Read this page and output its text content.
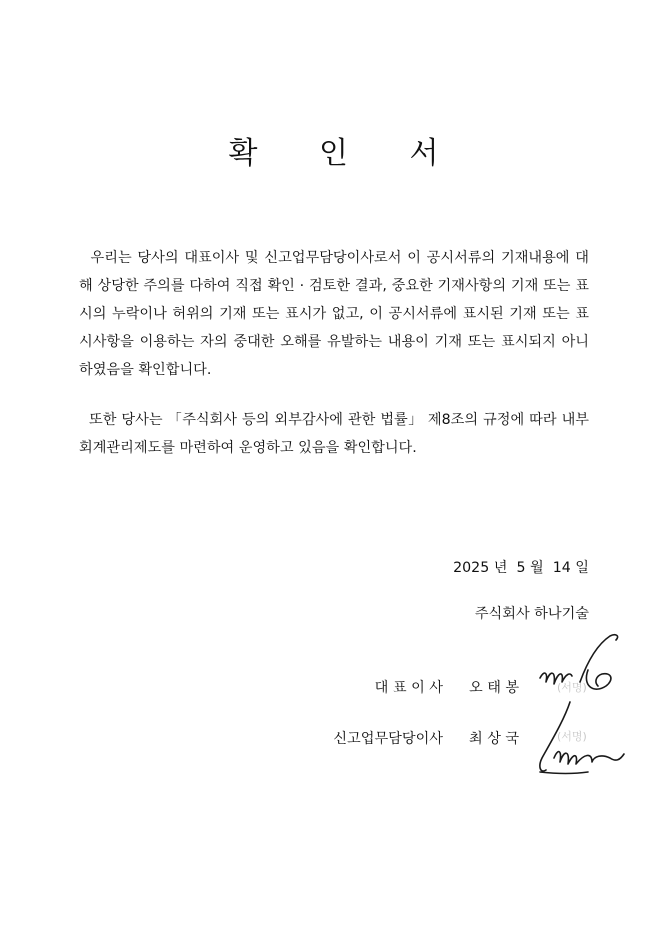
확 인 서
우리는 당사의 대표이사 및 신고업무담당이사로서 이 공시서류의 기재내용에 대해 상당한 주의를 다하여 직접 확인 · 검토한 결과, 중요한 기재사항의 기재 또는 표시의 누락이나 허위의 기재 또는 표시가 없고, 이 공시서류에 표시된 기재 또는 표시사항을 이용하는 자의 중대한 오해를 유발하는 내용이 기재 또는 표시되지 아니하였음을 확인합니다.
또한 당사는 「주식회사 등의 외부감사에 관한 법률」 제8조의 규정에 따라 내부회계관리제도를 마련하여 운영하고 있음을 확인합니다.
2025 년  5 월  14 일
주식회사 하나기술
대 표 이 사 오 태 봉	(서명)
신고업무담당이사 최 상 국	(서명)
